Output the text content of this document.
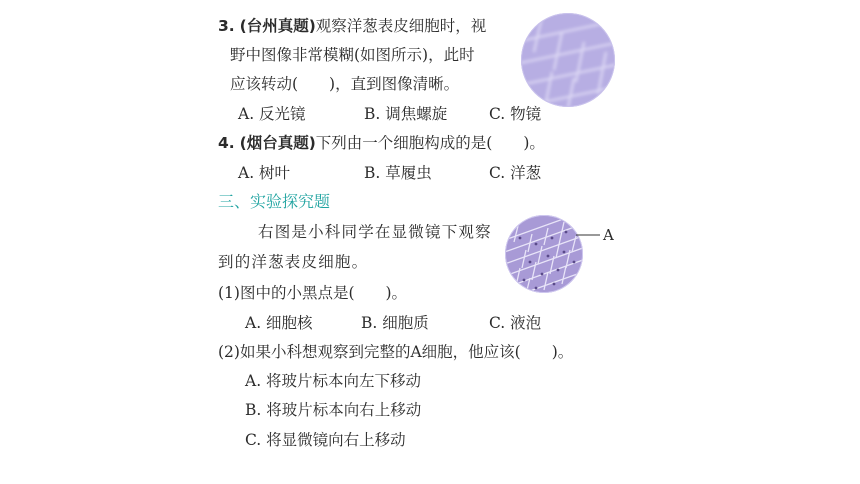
3. (台州真题)观察洋葱表皮细胞时，视
野中图像非常模糊(如图所示)，此时
应该转动(　　)，直到图像清晰。
A. 反光镜	B. 调焦螺旋	C. 物镜
4. (烟台真题)下列由一个细胞构成的是(　　)。
A. 树叶	B. 草履虫	C. 洋葱
三、实验探究题
右图是小科同学在显微镜下观察
到的洋葱表皮细胞。
A
(1)图中的小黑点是(　　)。
A. 细胞核	B. 细胞质	C. 液泡
(2)如果小科想观察到完整的A细胞，他应该(　　)。
A. 将玻片标本向左下移动
B. 将玻片标本向右上移动
C. 将显微镜向右上移动
